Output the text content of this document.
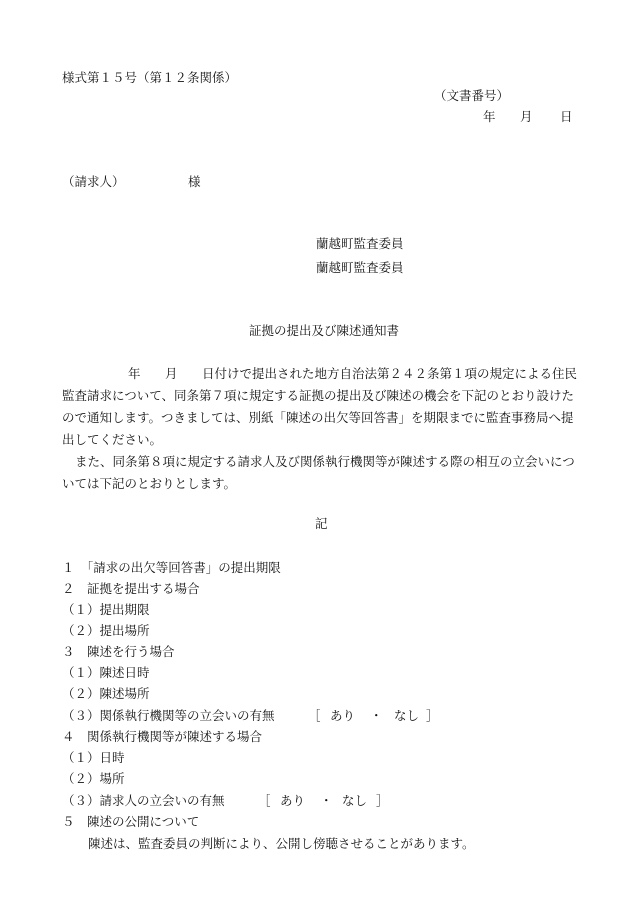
様式第１５号（第１２条関係）
（文書番号）
年 月 日
（請求人）	様
蘭越町監査委員
蘭越町監査委員
証拠の提出及び陳述通知書
年 月 日付けで提出された地方自治法第２４２条第１項の規定による住民
監査請求について、同条第７項に規定する証拠の提出及び陳述の機会を下記のとおり設けた
ので通知します。つきましては、別紙「陳述の出欠等回答書」を期限までに監査事務局へ提
出してください。
また、同条第８項に規定する請求人及び関係執行機関等が陳述する際の相互の立会いにつ
いては下記のとおりとします。
記
１　「請求の出欠等回答書」の提出期限
２　証拠を提出する場合
（１）提出期限
（２）提出場所
３　陳述を行う場合
（１）陳述日時
（２）陳述場所
（３）関係執行機関等の立会いの有無	［ あり ・ なし ］
４　関係執行機関等が陳述する場合
（１）日時
（２）場所
（３）請求人の立会いの有無	［ あり ・ なし ］
５　陳述の公開について
陳述は、監査委員の判断により、公開し傍聴させることがあります。
